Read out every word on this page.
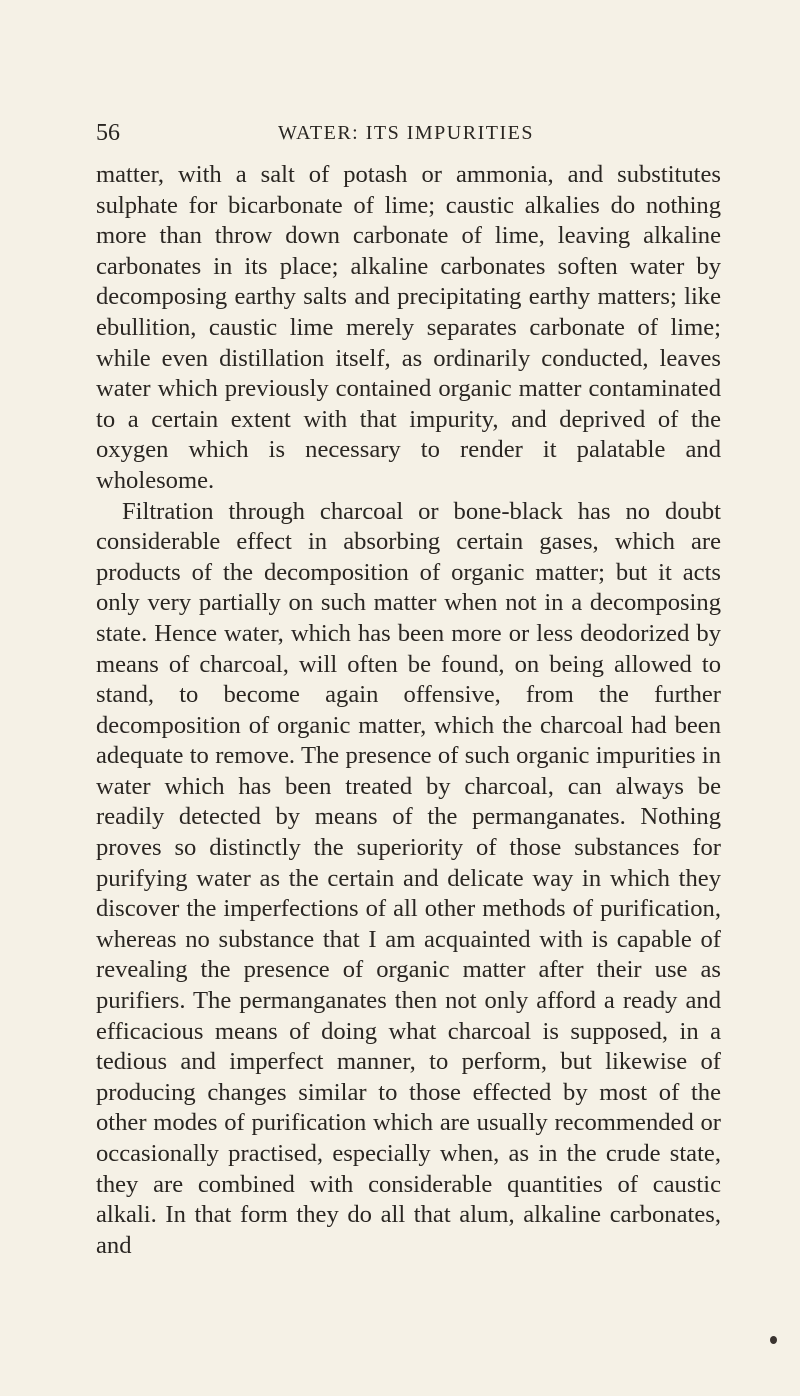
56	WATER: ITS IMPURITIES

matter, with a salt of potash or ammonia, and substitutes sulphate for bicarbonate of lime; caustic alkalies do nothing more than throw down carbonate of lime, leaving alkaline carbonates in its place; alkaline carbonates soften water by decomposing earthy salts and precipitating earthy matters; like ebullition, caustic lime merely separates carbonate of lime; while even distillation itself, as ordinarily conducted, leaves water which previously contained organic matter contaminated to a certain extent with that impurity, and deprived of the oxygen which is necessary to render it palatable and wholesome.

Filtration through charcoal or bone-black has no doubt considerable effect in absorbing certain gases, which are products of the decomposition of organic matter; but it acts only very partially on such matter when not in a decomposing state. Hence water, which has been more or less deodorized by means of charcoal, will often be found, on being allowed to stand, to become again offensive, from the further decomposition of organic matter, which the charcoal had been adequate to remove. The presence of such organic impurities in water which has been treated by charcoal, can always be readily detected by means of the permanganates. Nothing proves so distinctly the superiority of those substances for purifying water as the certain and delicate way in which they discover the imperfections of all other methods of purification, whereas no substance that I am acquainted with is capable of revealing the presence of organic matter after their use as purifiers. The permanganates then not only afford a ready and efficacious means of doing what charcoal is supposed, in a tedious and imperfect manner, to perform, but likewise of producing changes similar to those effected by most of the other modes of purification which are usually recommended or occasionally practised, especially when, as in the crude state, they are combined with considerable quantities of caustic alkali. In that form they do all that alum, alkaline carbonates, and
